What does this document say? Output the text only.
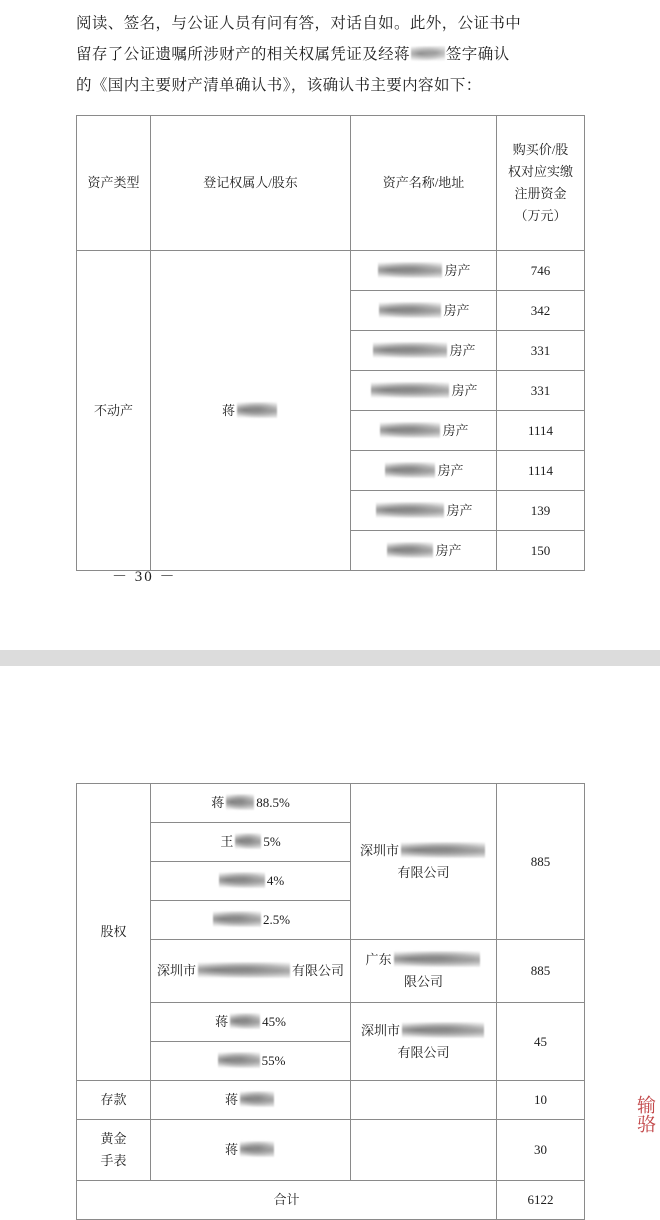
阅读、签名，与公证人员有问有答，对话自如。此外，公证书中
留存了公证遗嘱所涉财产的相关权属凭证及经蒋 签字确认
的《国内主要财产清单确认书》，该确认书主要内容如下：
资产类型	登记权属人/股东	资产名称/地址	购买价/股
权对应实缴
注册资金
（万元）

不动产	蒋	房产	746
		房产	342
		房产	331
		房产	331
		房产	1114
		房产	1114
		房产	139
		房产	150
－ 30 －
股权	蒋 88.5%	深圳市
有限公司	885
	王 5%		
	4%		
	2.5%		
	深圳市 有限公司	广东
限公司	885
	蒋 45%	深圳市
有限公司	45
	55%		
存款	蒋		10

黄金
手表	蒋		30
合计			6122
输骆
